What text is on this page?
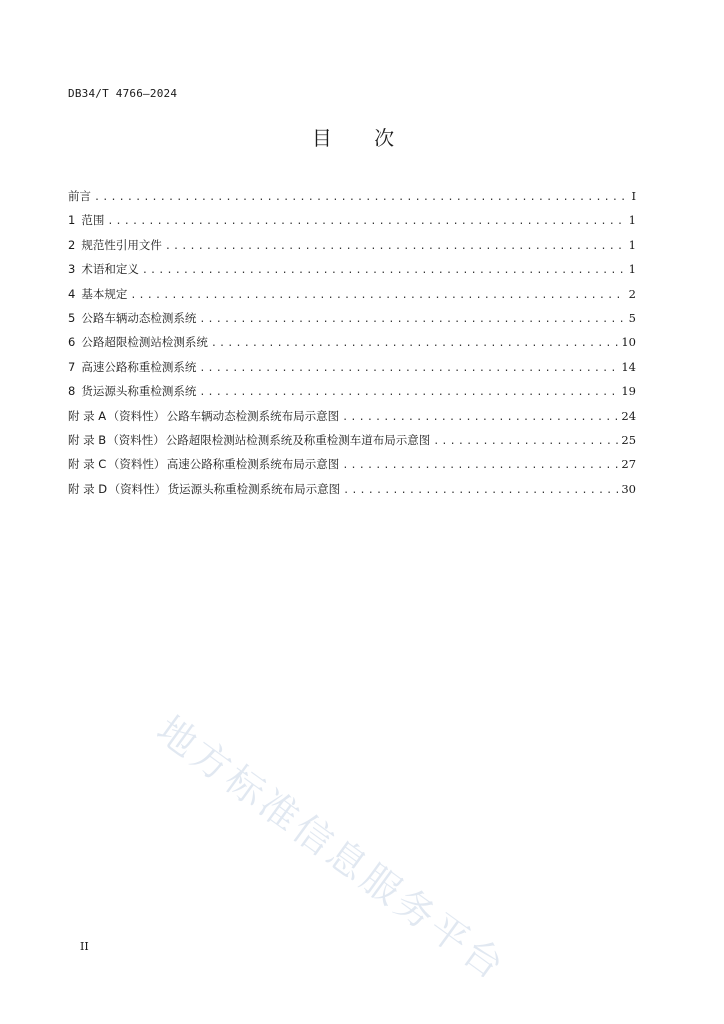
DB34/T 4766—2024
目 次
前言 .....	I
1 范围 .....	1
2 规范性引用文件 .....	1
3 术语和定义 .....	1
4 基本规定 .....	2
5 公路车辆动态检测系统 .....	5
6 公路超限检测站检测系统 .....	10
7 高速公路称重检测系统 .....	14
8 货运源头称重检测系统 .....	19
附 录 A （资料性） 公路车辆动态检测系统布局示意图 .....	24
附 录 B （资料性） 公路超限检测站检测系统及称重检测车道布局示意图 .....	25
附 录 C （资料性） 高速公路称重检测系统布局示意图 .....	27
附 录 D （资料性） 货运源头称重检测系统布局示意图 .....	30
地方标准信息服务平台
II
